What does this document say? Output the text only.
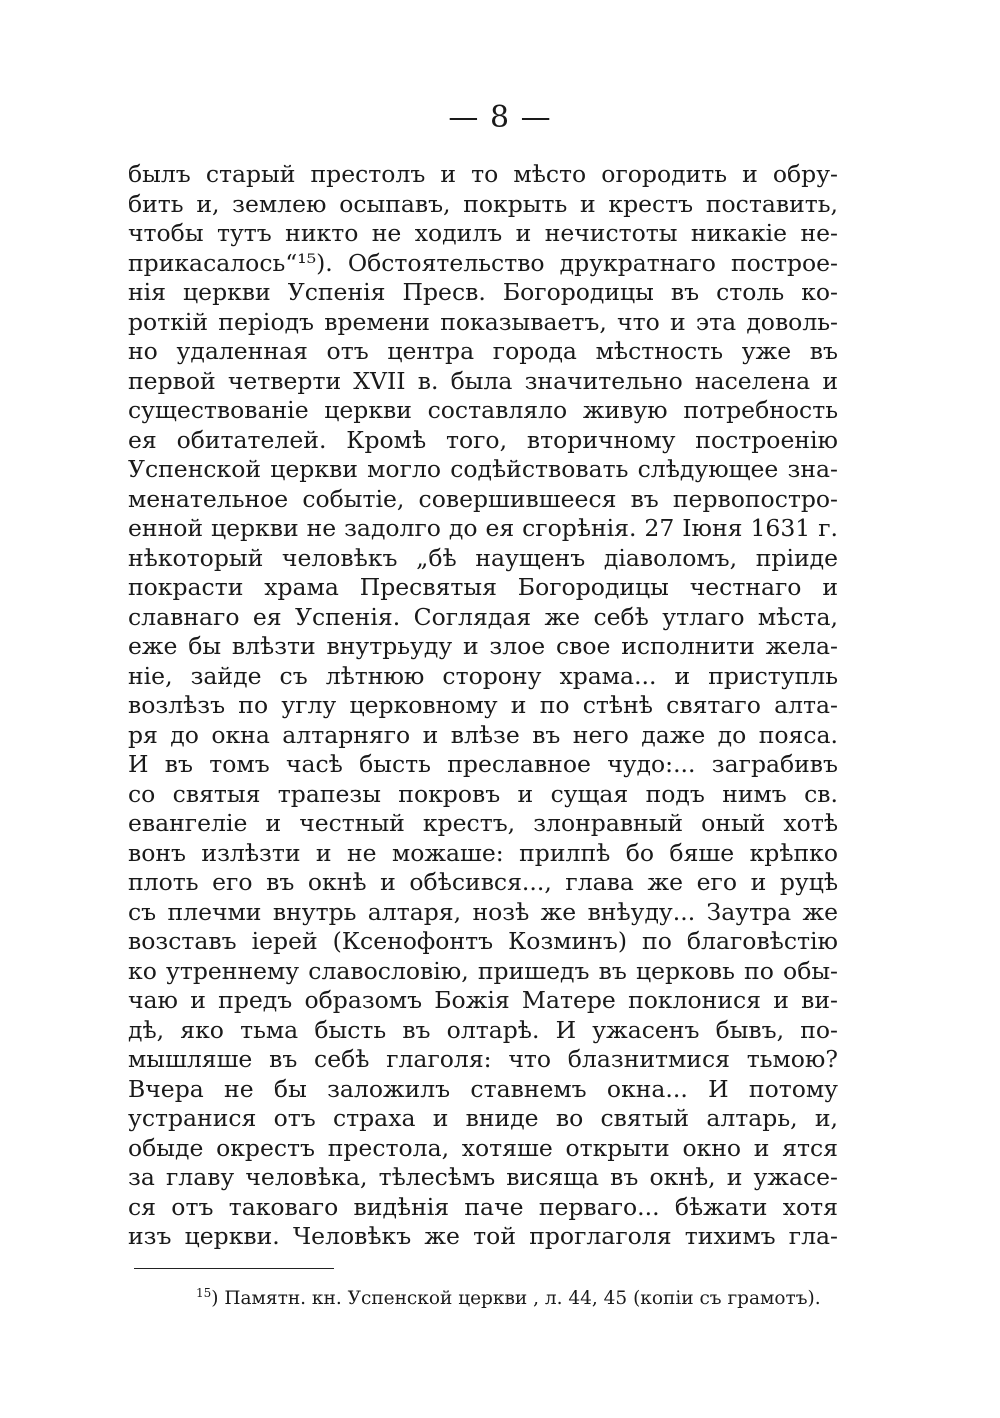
— 8 —
былъ старый престолъ и то мѣсто огородить и обру-
бить и, землею осыпавъ, покрыть и крестъ поставить,
чтобы тутъ никто не ходилъ и нечистоты никакіе не-
прикасалось“¹⁵). Обстоятельство друкратнаго построе-
нія церкви Успенія Пресв. Богородицы въ столь ко-
роткій періодъ времени показываетъ, что и эта доволь-
но удаленная отъ центра города мѣстность уже въ
первой четверти XVII в. была значительно населена и
существованіе церкви составляло живую потребность
ея обитателей. Кромѣ того, вторичному построенію
Успенской церкви могло содѣйствовать слѣдующее зна-
менательное событіе, совершившееся въ первопостро-
енной церкви не задолго до ея сгорѣнія. 27 Іюня 1631 г.
нѣкоторый человѣкъ „бѣ наущенъ діаволомъ, пріиде
покрасти храма Пресвятыя Богородицы честнаго и
славнаго ея Успенія. Соглядая же себѣ утлаго мѣста,
еже бы влѣзти внутрьуду и злое свое исполнити жела-
ніе, зайде съ лѣтнюю сторону храма... и приступль
возлѣзъ по углу церковному и по стѣнѣ святаго алта-
ря до окна алтарняго и влѣзе въ него даже до пояса.
И въ томъ часѣ бысть преславное чудо:... заграбивъ
со святыя трапезы покровъ и сущая подъ нимъ св.
евангеліе и честный крестъ, злонравный оный хотѣ
вонъ излѣзти и не можаше: прилпѣ бо бяше крѣпко
плоть его въ окнѣ и обѣсився..., глава же его и руцѣ
съ плечми внутрь алтаря, нозѣ же внѣуду... Заутра же
возставъ іерей (Ксенофонтъ Козминъ) по благовѣстію
ко утреннему славословію, пришедъ въ церковь по обы-
чаю и предъ образомъ Божія Матере поклонися и ви-
дѣ, яко тьма бысть въ олтарѣ. И ужасенъ бывъ, по-
мышляше въ себѣ глаголя: что блазнитмися тьмою?
Вчера не бы заложилъ ставнемъ окна... И потому
устранися отъ страха и вниде во святый алтарь, и,
обыде окрестъ престола, хотяше открыти окно и ятся
за главу человѣка, тѣлесѣмъ висяща въ окнѣ, и ужасе-
ся отъ таковаго видѣнія паче перваго... бѣжати хотя
изъ церкви. Человѣкъ же той проглаголя тихимъ гла-
$^{15}$) Памятн. кн. Успенской церкви , л. 44, 45 (копіи съ грамотъ).
